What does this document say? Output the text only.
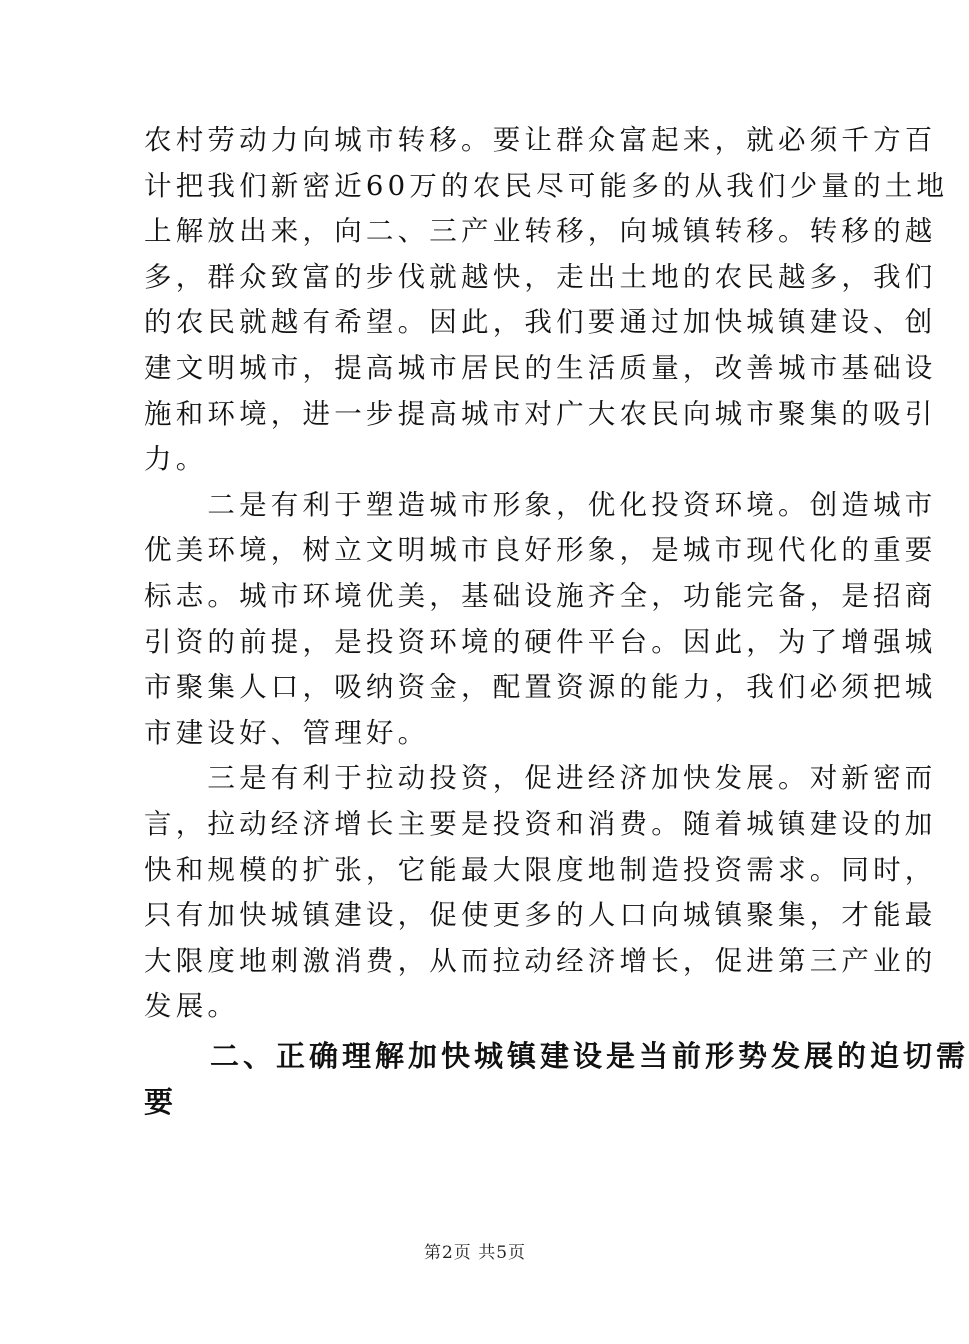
农村劳动力向城市转移。要让群众富起来，就必须千方百
计把我们新密近60万的农民尽可能多的从我们少量的土地
上解放出来，向二、三产业转移，向城镇转移。转移的越
多，群众致富的步伐就越快，走出土地的农民越多，我们
的农民就越有希望。因此，我们要通过加快城镇建设、创
建文明城市，提高城市居民的生活质量，改善城市基础设
施和环境，进一步提高城市对广大农民向城市聚集的吸引
力。
　　二是有利于塑造城市形象，优化投资环境。创造城市
优美环境，树立文明城市良好形象，是城市现代化的重要
标志。城市环境优美，基础设施齐全，功能完备，是招商
引资的前提，是投资环境的硬件平台。因此，为了增强城
市聚集人口，吸纳资金，配置资源的能力，我们必须把城
市建设好、管理好。
　　三是有利于拉动投资，促进经济加快发展。对新密而
言，拉动经济增长主要是投资和消费。随着城镇建设的加
快和规模的扩张，它能最大限度地制造投资需求。同时，
只有加快城镇建设，促使更多的人口向城镇聚集，才能最
大限度地刺激消费，从而拉动经济增长，促进第三产业的
发展。
　　二、正确理解加快城镇建设是当前形势发展的迫切需
要
第2页 共5页
